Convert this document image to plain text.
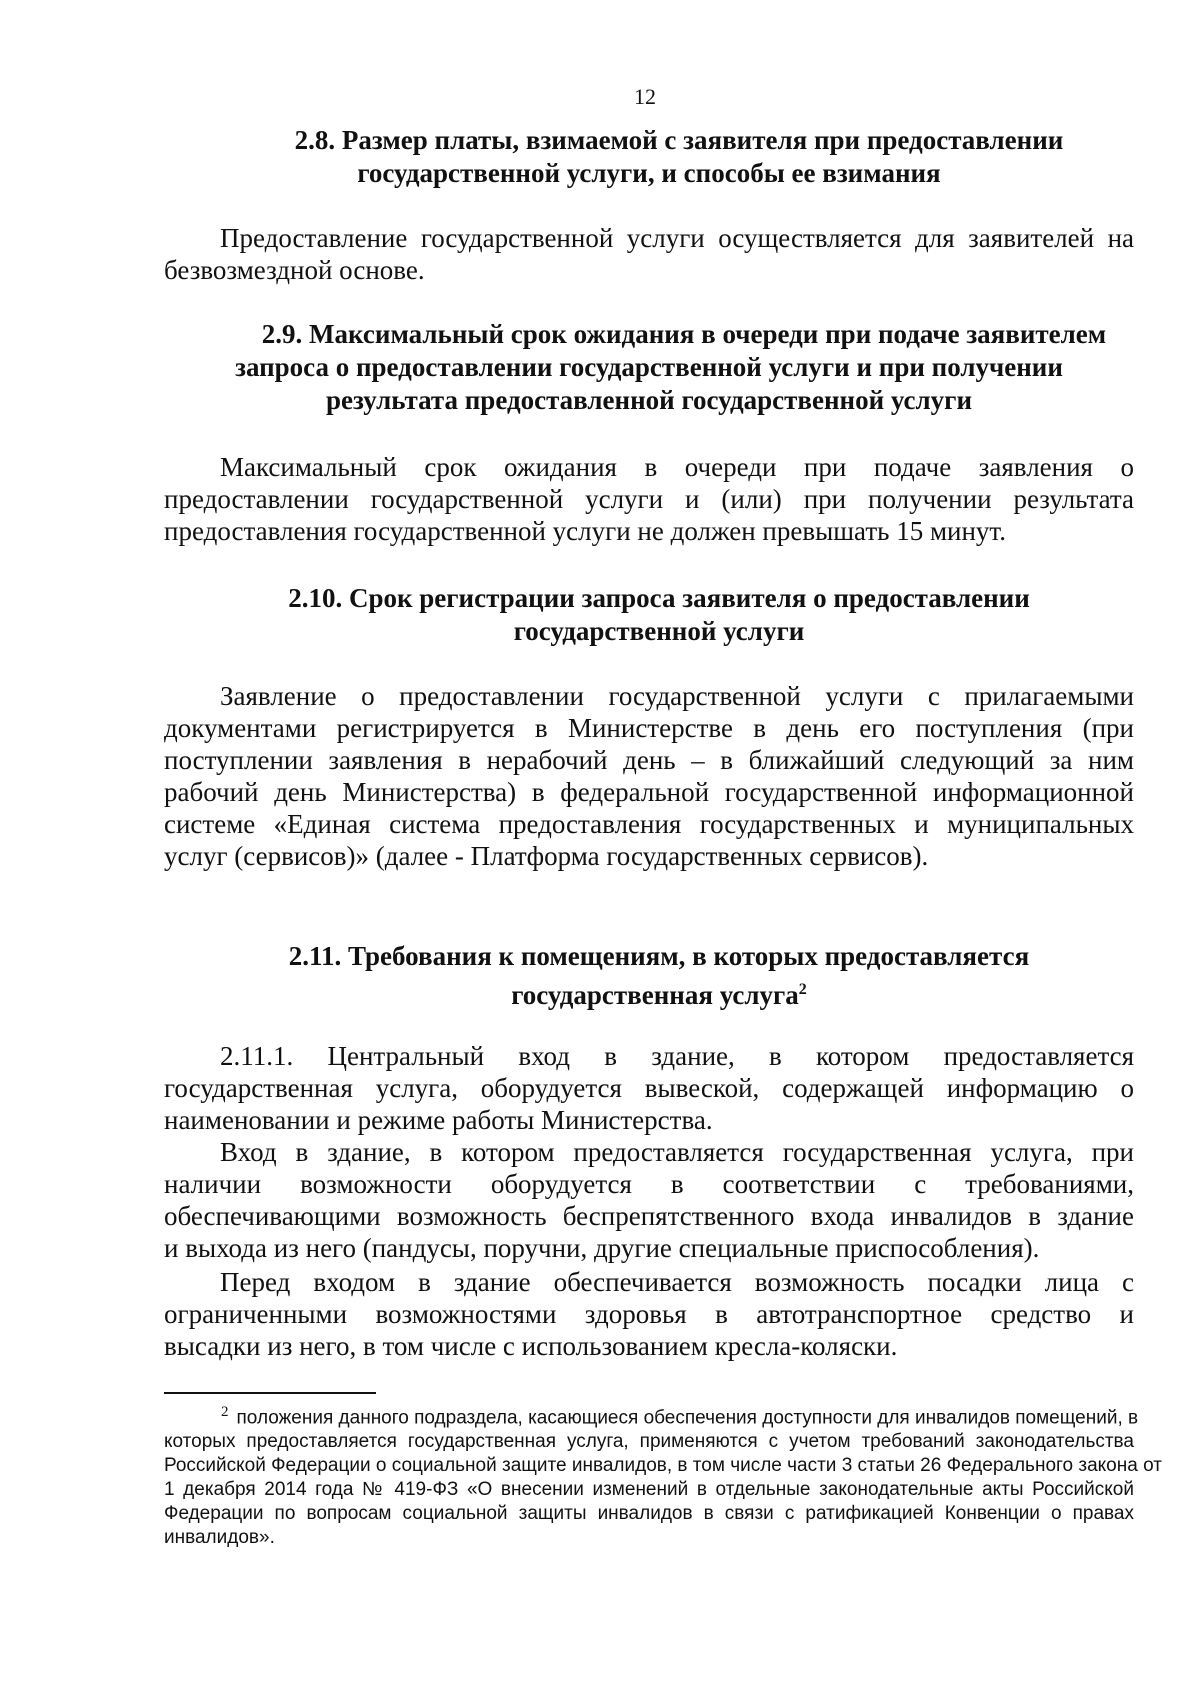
12
2.8. Размер платы, взимаемой с заявителя при предоставлении
государственной услуги, и способы ее взимания
Предоставление государственной услуги осуществляется для заявителей на
безвозмездной основе.
2.9. Максимальный срок ожидания в очереди при подаче заявителем
запроса о предоставлении государственной услуги и при получении
результата предоставленной государственной услуги
Максимальный срок ожидания в очереди при подаче заявления о
предоставлении государственной услуги и (или) при получении результата
предоставления государственной услуги не должен превышать 15 минут.
2.10. Срок регистрации запроса заявителя о предоставлении
государственной услуги
Заявление о предоставлении государственной услуги с прилагаемыми
документами регистрируется в Министерстве в день его поступления (при
поступлении заявления в нерабочий день – в ближайший следующий за ним
рабочий день Министерства) в федеральной государственной информационной
системе «Единая система предоставления государственных и муниципальных
услуг (сервисов)» (далее - Платформа государственных сервисов).
2.11. Требования к помещениям, в которых предоставляется
государственная услуга$^2$
2.11.1. Центральный вход в здание, в котором предоставляется
государственная услуга, оборудуется вывеской, содержащей информацию о
наименовании и режиме работы Министерства.
Вход в здание, в котором предоставляется государственная услуга, при
наличии возможности оборудуется в соответствии с требованиями,
обеспечивающими возможность беспрепятственного входа инвалидов в здание
и выхода из него (пандусы, поручни, другие специальные приспособления).
Перед входом в здание обеспечивается возможность посадки лица с
ограниченными возможностями здоровья в автотранспортное средство и
высадки из него, в том числе с использованием кресла-коляски.
$^2$ положения данного подраздела, касающиеся обеспечения доступности для инвалидов помещений, в
которых предоставляется государственная услуга, применяются с учетом требований законодательства
Российской Федерации о социальной защите инвалидов, в том числе части 3 статьи 26 Федерального закона от
1 декабря 2014 года № 419-ФЗ «О внесении изменений в отдельные законодательные акты Российской
Федерации по вопросам социальной защиты инвалидов в связи с ратификацией Конвенции о правах
инвалидов».
